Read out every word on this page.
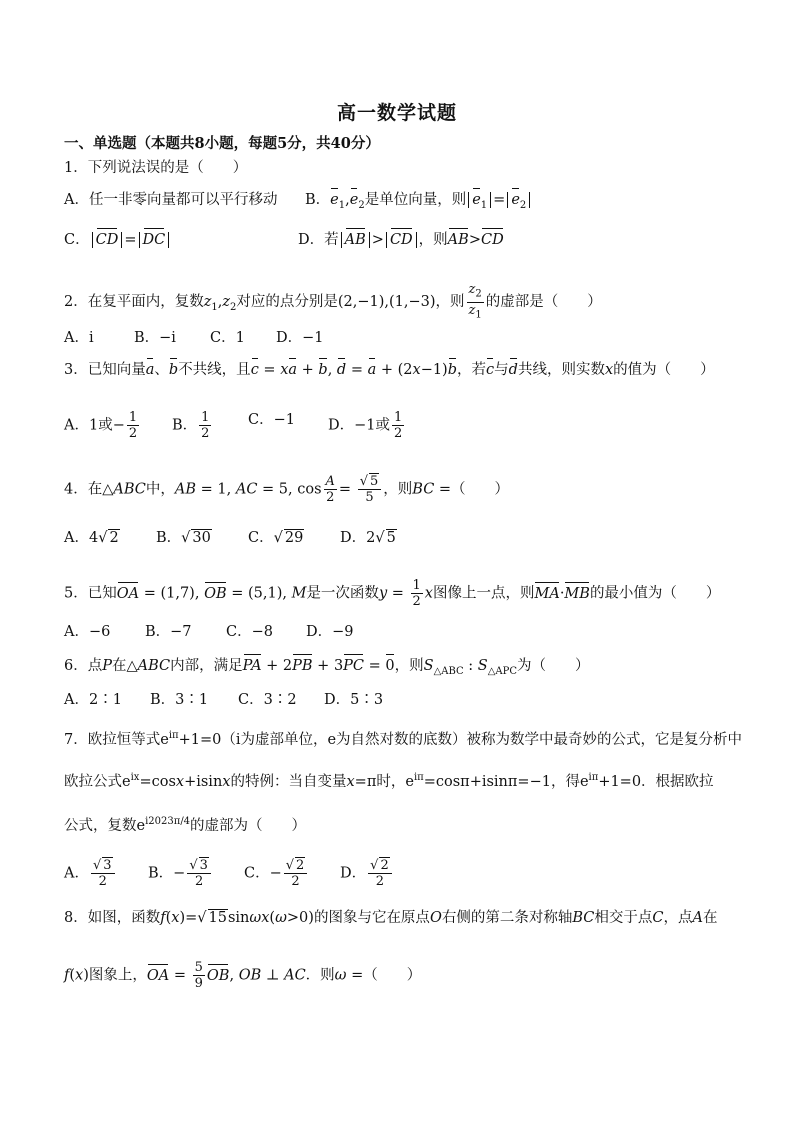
高一数学试题
一、单选题（本题共8小题，每题5分，共40分）
1．下列说法误的是（　　）
A．任一非零向量都可以平行移动 B．$e_1,e_2$是单位向量，则 $e_1 = e_2$
C． CD = DC	D．若 AB > CD ，则AB>CD
2．在复平面内，复数$z_1,z_2$对应的点分别是(2,−1),(1,−3)，则 $\frac{z_2}{z_1}$ 的虚部是（　　）
A．i	B．−i C．1 D．−1
3．已知向量a、b不共线，且c = xa + b, d = a + (2x−1)b，若c与d共线，则实数x的值为（　　）
A．1或− $\frac{1}{2}$ B． $\frac{1}{2}$	C．−1 D．−1或 $\frac{1}{2}$
4．在△ABC中，AB = 1, AC = 5, $\cos \frac{A}{2} = \frac{√ 5}{5}$ ，则BC =（　　）
A．4√ 2	B．√ 30	C．√ 29	D．2√ 5
5．已知OA = (1,7), OB = (5,1), M是一次函数$y = \frac{1}{2}$ x图像上一点，则MA·MB的最小值为（　　）
A．−6 B．−7 C．−8 D．−9
6．点P在△ABC内部，满足PA + 2PB + 3PC = 0，则$S_{\triangle ABC}$ : $S_{\triangle APC}$为（　　）
A．2∶1 B．3∶1 C．3∶2 D．5∶3
7．欧拉恒等式$e^{i\pi}+1=0(i$为虚部单位，e为自然对数的底数）被称为数学中最奇妙的公式，它是复分析中
欧拉公式$e^{ix}=\cos x+isinx$的特例：当自变量x=π时，$e^{i\pi}=\cos\pi+isin\pi=-1$，得$e^{i\pi}+1=0$．根据欧拉
公式，复数$e^{i2023\pi/4}$的虚部为（　　）
A． $\frac{√ 3}{2}$ B．− $\frac{√ 3}{2}$ C．− $\frac{√ 2}{2}$ D． $\frac{√ 2}{2}$
8．如图，函数f(x)=√ 15sinωx(ω>0)的图象与它在原点O右侧的第二条对称轴BC相交于点C，点A在
f(x)图象上，OA = $\frac{5}{9}$ OB, OB ⊥ AC．则ω =（　　）
